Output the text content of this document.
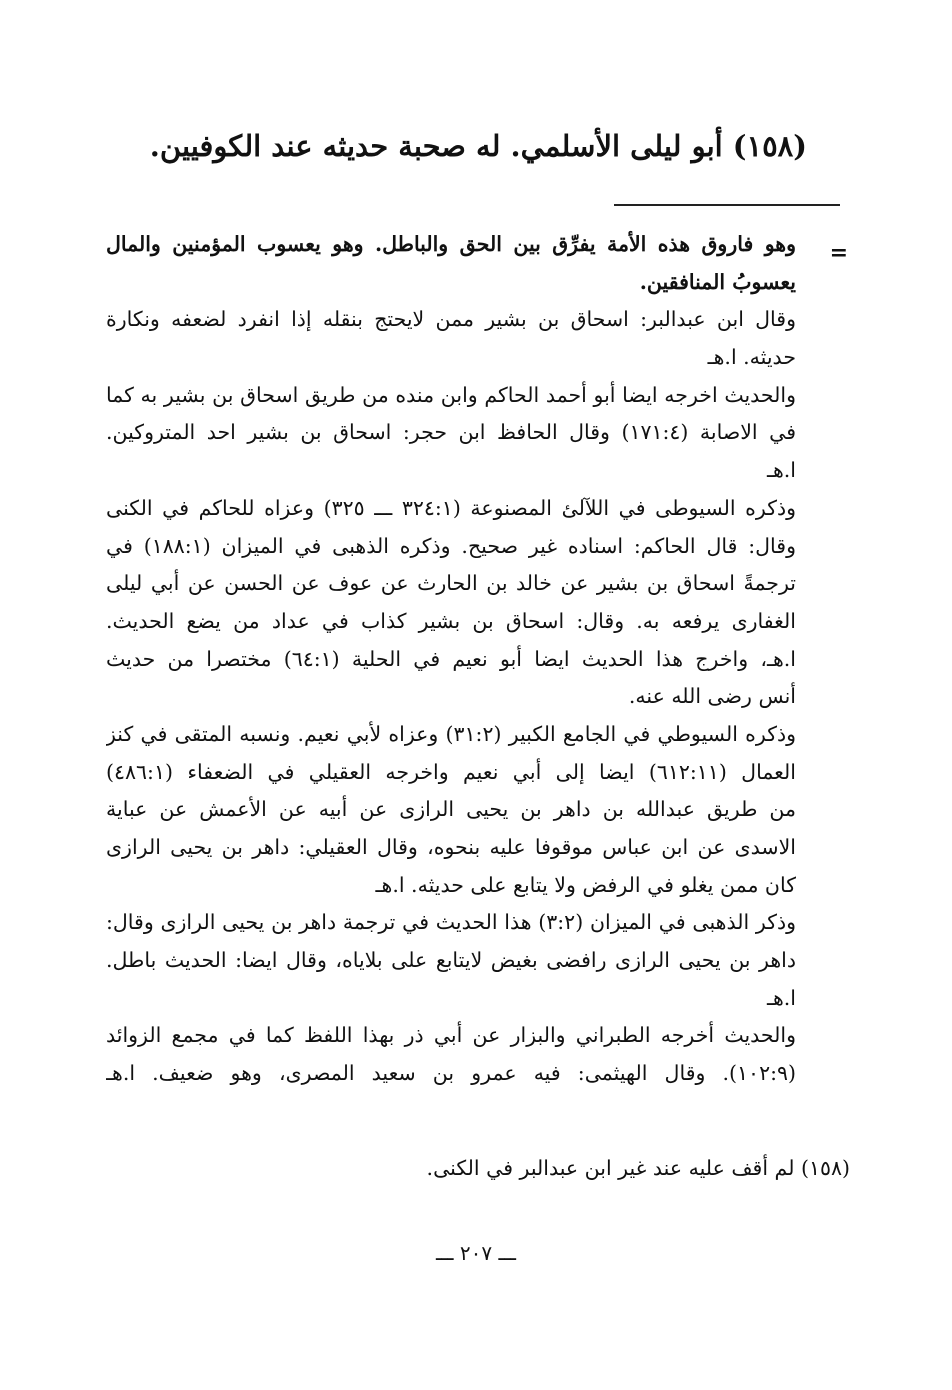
(١٥٨) أبو ليلى الأسلمي. له صحبة حديثه عند الكوفيين.
=
وهو فاروق هذه الأمة يفرِّق بين الحق والباطل. وهو يعسوب المؤمنين والمال
يعسوبُ المنافقين.
وقال ابن عبدالبر: اسحاق بن بشير ممن لايحتج بنقله إذا انفرد لضعفه ونكارة
حديثه. ا.هـ
والحديث اخرجه ايضا أبو أحمد الحاكم وابن منده من طريق اسحاق بن بشير به كما
في الاصابة (١٧١:٤) وقال الحافظ ابن حجر: اسحاق بن بشير احد المتروكين.
ا.هـ
وذكره السيوطى في اللآلئ المصنوعة (٣٢٤:١ ـــ ٣٢٥) وعزاه للحاكم في الكنى
وقال: قال الحاكم: اسناده غير صحيح. وذكره الذهبى في الميزان (١٨٨:١) في
ترجمةً اسحاق بن بشير عن خالد بن الحارث عن عوف عن الحسن عن أبي ليلى
الغفارى يرفعه به. وقال: اسحاق بن بشير كذاب في عداد من يضع الحديث.
ا.هـ، واخرج هذا الحديث ايضا أبو نعيم في الحلية (٦٤:١) مختصرا من حديث
أنس رضى الله عنه.
وذكره السيوطي في الجامع الكبير (٣١:٢) وعزاه لأبي نعيم. ونسبه المتقى في كنز
العمال (٦١٢:١١) ايضا إلى أبي نعيم واخرجه العقيلي في الضعفاء (٤٨٦:١)
من طريق عبدالله بن داهر بن يحيى الرازى عن أبيه عن الأعمش عن عباية
الاسدى عن ابن عباس موقوفا عليه بنحوه، وقال العقيلي: داهر بن يحيى الرازى
كان ممن يغلو في الرفض ولا يتابع على حديثه. ا.هـ
وذكر الذهبى في الميزان (٣:٢) هذا الحديث في ترجمة داهر بن يحيى الرازى وقال:
داهر بن يحيى الرازى رافضى بغيض لايتابع على بلاياه، وقال ايضا: الحديث باطل.
ا.هـ
والحديث أخرجه الطبراني والبزار عن أبي ذر بهذا اللفظ كما في مجمع الزوائد
(١٠٢:٩). وقال الهيثمى: فيه عمرو بن سعيد المصرى، وهو ضعيف. ا.هـ
(١٥٨) لم أقف عليه عند غير ابن عبدالبر في الكنى.
ـــ ٢٠٧ ـــ
